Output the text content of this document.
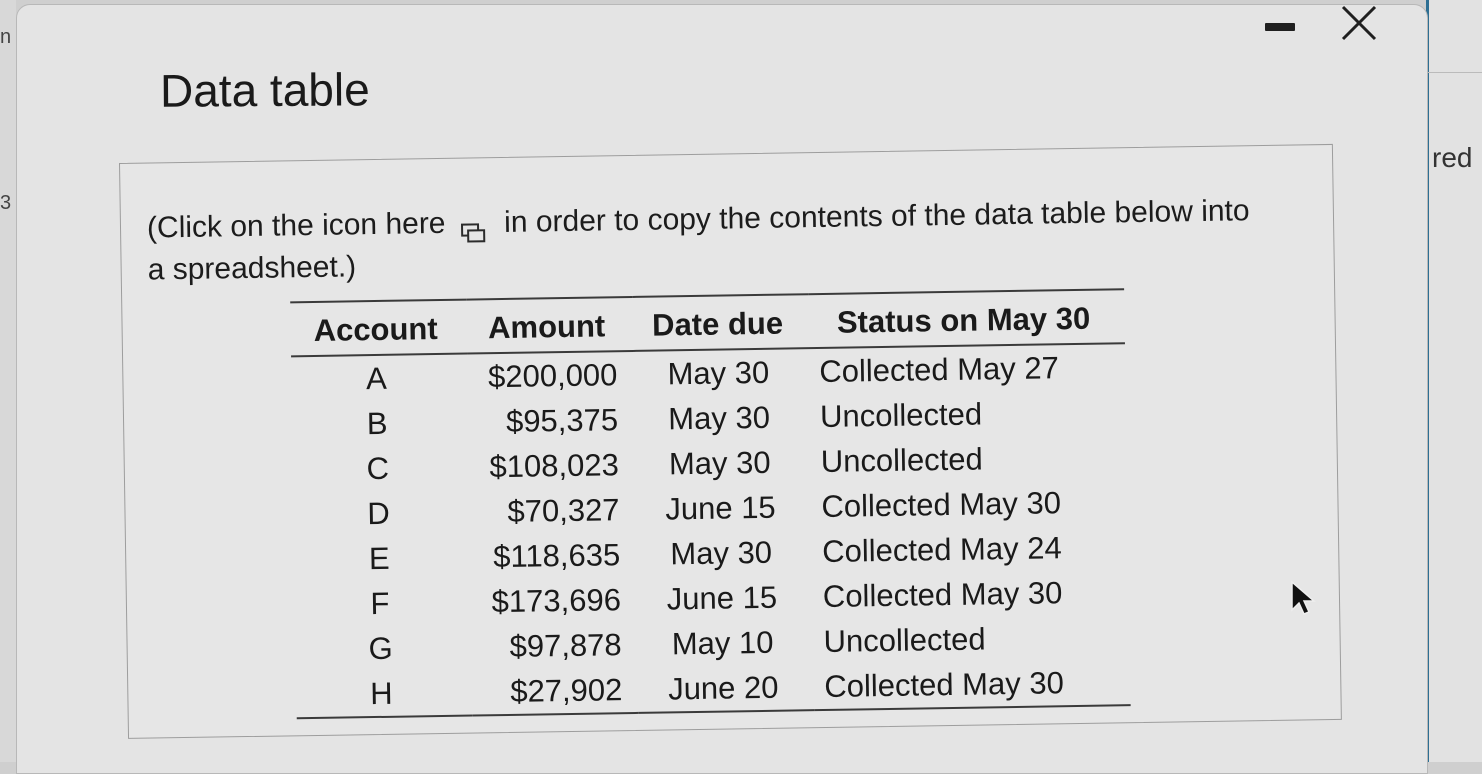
n
3
red
Data table
(Click on the icon here in order to copy the contents of the data table below into a spreadsheet.)
Account	Amount	Date due	Status on May 30
A	$200,000	May 30	Collected May 27
B	$95,375	May 30	Uncollected
C	$108,023	May 30	Uncollected
D	$70,327	June 15	Collected May 30
E	$118,635	May 30	Collected May 24
F	$173,696	June 15	Collected May 30
G	$97,878	May 10	Uncollected
H	$27,902	June 20	Collected May 30
